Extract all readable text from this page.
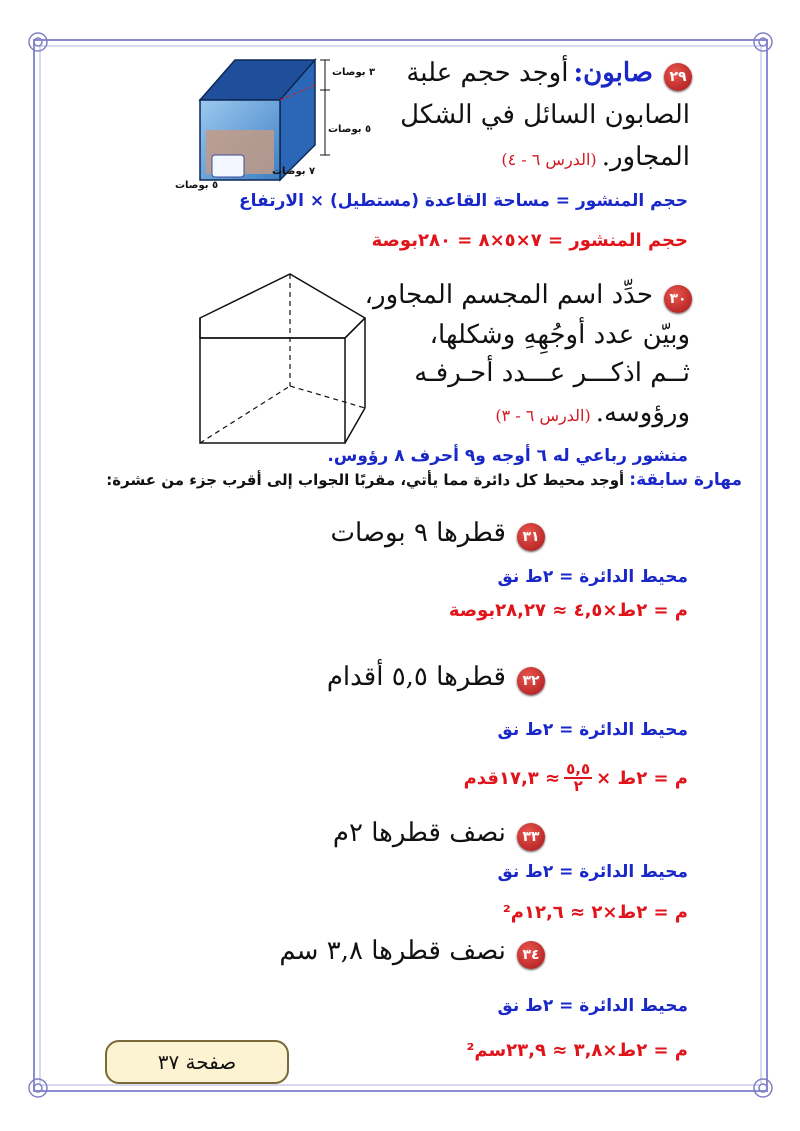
٢٩ صابون: أوجد حجم علبة
الصابون السائل في الشكل
المجاور. (الدرس ٦ - ٤)
٣ بوصات
٥ بوصات
٧ بوصات
٥ بوصات
حجم المنشور = مساحة القاعدة (مستطيل) × الارتفاع
حجم المنشور = ٧×٥×٨ = ٢٨٠بوصة
٣٠ حدِّد اسم المجسم المجاور،
وبيّن عدد أوجُهِهِ وشكلها،
ثــم اذكـــر عـــدد أحـرفـه
ورؤوسه. (الدرس ٦ - ٣)
منشور رباعي له ٦ أوجه و٩ أحرف ٨ رؤوس.
مهارة سابقة: أوجد محيط كل دائرة مما يأتي، مقربًا الجواب إلى أقرب جزء من عشرة:
٣١ قطرها ٩ بوصات
محيط الدائرة = ٢ط نق
م = ٢ط×٤,٥ ≈ ٢٨,٢٧بوصة
٣٢ قطرها ٥,٥ أقدام
محيط الدائرة = ٢ط نق
م = ٢ط ×
٥,٥
٢
≈ ١٧,٣قدم
٣٣ نصف قطرها ٢م
محيط الدائرة = ٢ط نق
م = ٢ط×٢ ≈ ١٢,٦م²
٣٤ نصف قطرها ٣,٨ سم
محيط الدائرة = ٢ط نق
م = ٢ط×٣,٨ ≈ ٢٣,٩سم²
صفحة ٣٧
